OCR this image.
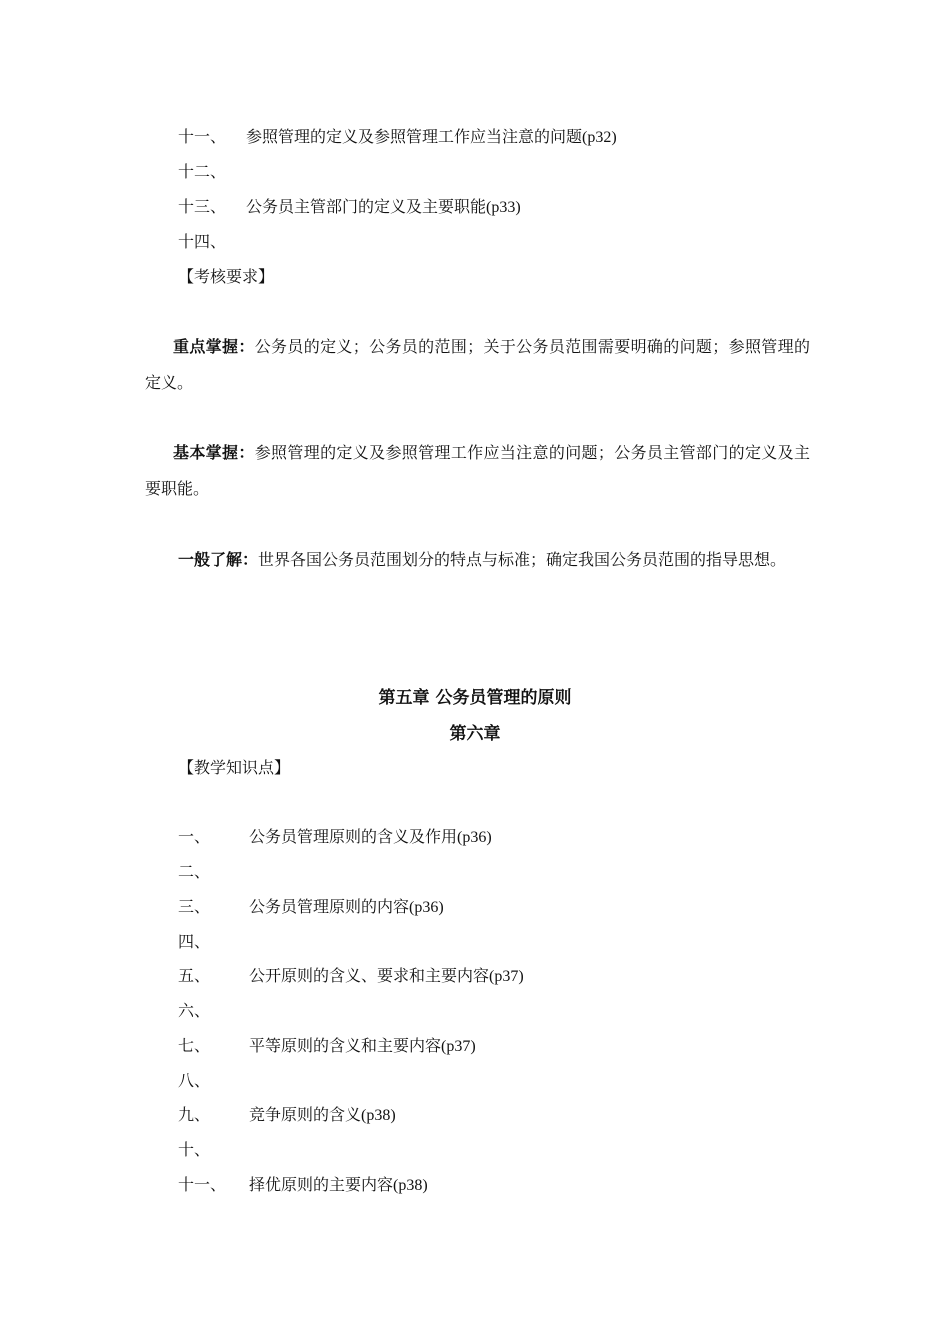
十一、 参照管理的定义及参照管理工作应当注意的问题(p32)
十二、
十三、 公务员主管部门的定义及主要职能(p33)
十四、
【考核要求】
重点掌握：公务员的定义；公务员的范围；关于公务员范围需要明确的问题；参照管理的定义。
基本掌握：参照管理的定义及参照管理工作应当注意的问题；公务员主管部门的定义及主要职能。
一般了解：世界各国公务员范围划分的特点与标准；确定我国公务员范围的指导思想。
第五章 公务员管理的原则
第六章
【教学知识点】
一、 公务员管理原则的含义及作用(p36)
二、
三、 公务员管理原则的内容(p36)
四、
五、 公开原则的含义、要求和主要内容(p37)
六、
七、 平等原则的含义和主要内容(p37)
八、
九、 竞争原则的含义(p38)
十、
十一、 择优原则的主要内容(p38)
